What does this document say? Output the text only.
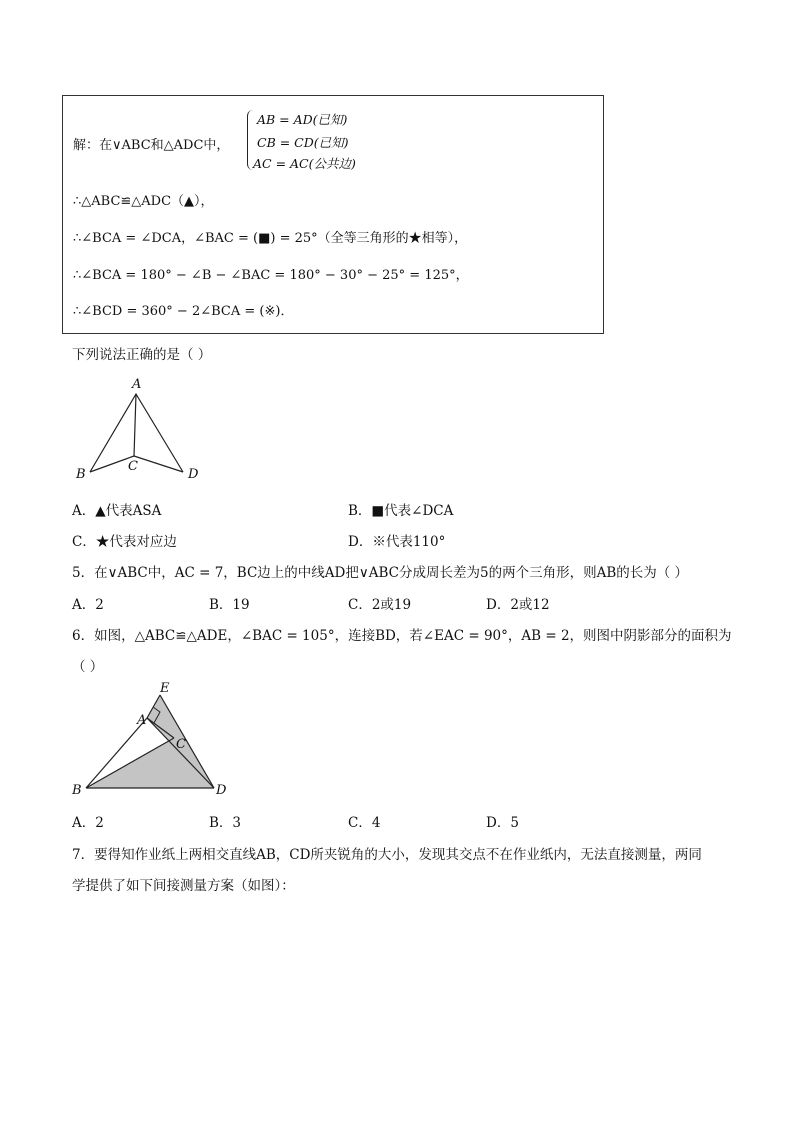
解：在∨ABC和△ADC中，
AB = AD(已知)
CB = CD(已知)
AC = AC(公共边)
∴△ABC≌△ADC（▲），
∴∠BCA = ∠DCA，∠BAC = (■) = 25°（全等三角形的★相等），
∴∠BCA = 180° − ∠B − ∠BAC = 180° − 30° − 25° = 125°，
∴∠BCD = 360° − 2∠BCA = (※)．
下列说法正确的是（ ）
A
B
C
D
A．▲代表ASA	B．■代表∠DCA
C．★代表对应边	D．※代表110°
5．在∨ABC中，AC = 7，BC边上的中线AD把∨ABC分成周长差为5的两个三角形，则AB的长为（ ）
A．2	B．19	C．2或19	D．2或12
6．如图，△ABC≌△ADE，∠BAC = 105°，连接BD，若∠EAC = 90°，AB = 2，则图中阴影部分的面积为
（ ）
E
A
C
B	D
A．2	B．3	C．4	D．5
7．要得知作业纸上两相交直线AB，CD所夹锐角的大小，发现其交点不在作业纸内，无法直接测量，两同
学提供了如下间接测量方案（如图）：
